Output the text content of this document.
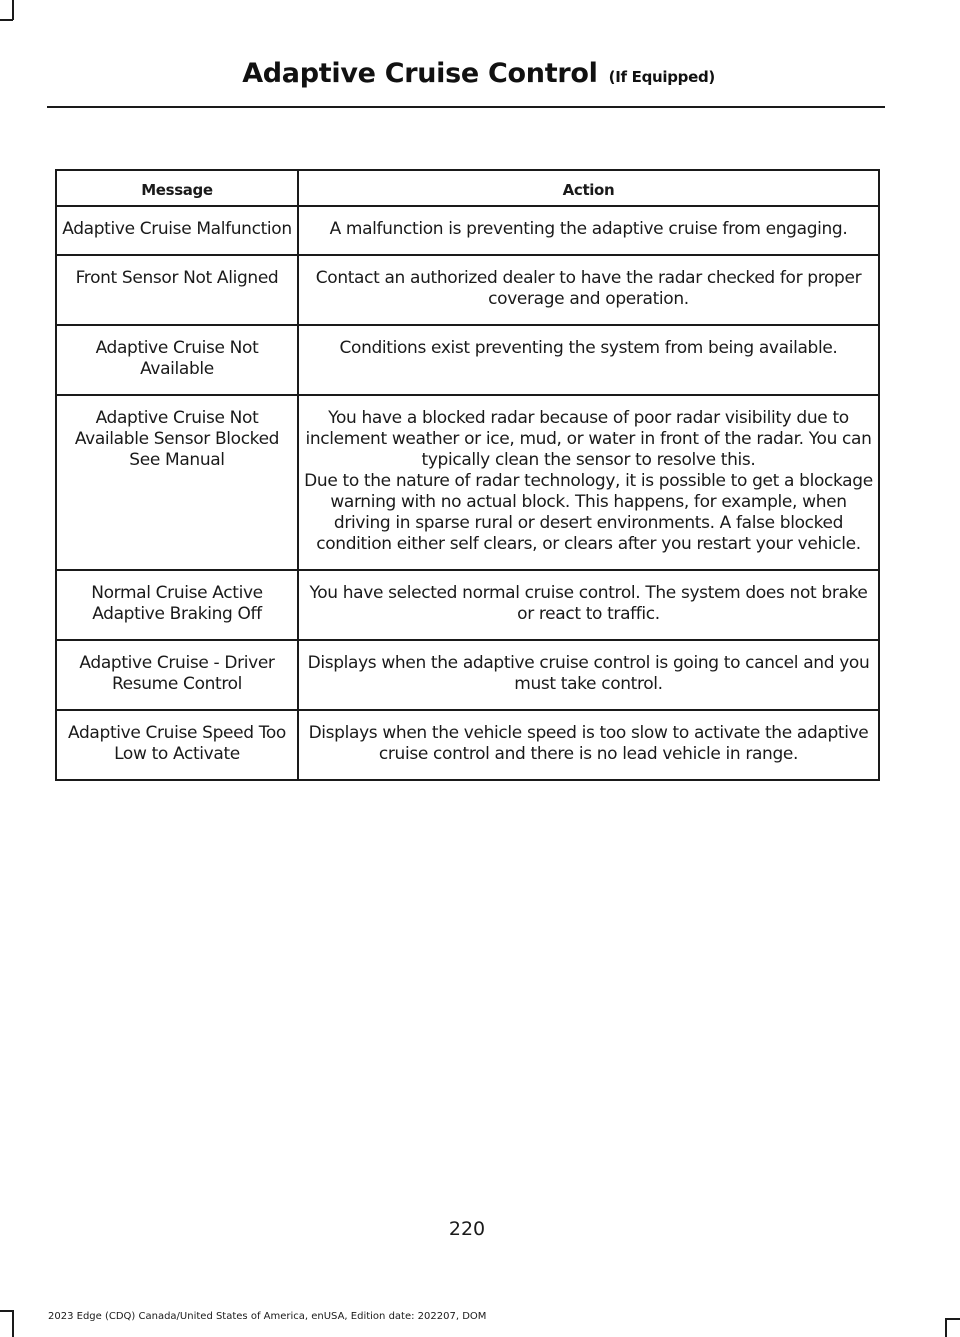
Adaptive Cruise Control (If Equipped)
Message	Action
Adaptive Cruise Malfunction	A malfunction is preventing the adaptive cruise from engaging.

Front Sensor Not Aligned	Contact an authorized dealer to have the radar checked for proper coverage and operation.

Adaptive Cruise Not Available	Conditions exist preventing the system from being available.

Adaptive Cruise Not Available Sensor Blocked See Manual	You have a blocked radar because of poor radar visibility due to inclement weather or ice, mud, or water in front of the radar. You can typically clean the sensor to resolve this.
Due to the nature of radar technology, it is possible to get a blockage warning with no actual block. This happens, for example, when driving in sparse rural or desert environments. A false blocked condition either self clears, or clears after you restart your vehicle.

Normal Cruise Active Adaptive Braking Off	You have selected normal cruise control. The system does not brake or react to traffic.

Adaptive Cruise - Driver Resume Control	Displays when the adaptive cruise control is going to cancel and you must take control.

Adaptive Cruise Speed Too Low to Activate	Displays when the vehicle speed is too slow to activate the adaptive cruise control and there is no lead vehicle in range.
220
2023 Edge (CDQ) Canada/United States of America, enUSA, Edition date: 202207, DOM
